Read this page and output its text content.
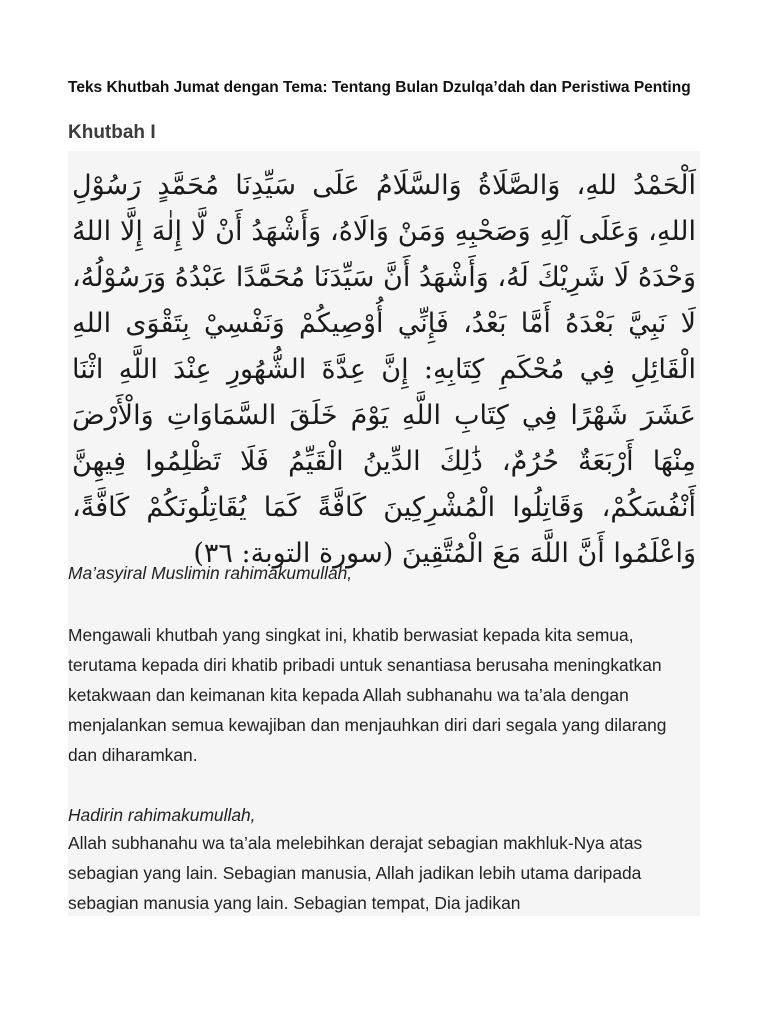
Teks Khutbah Jumat dengan Tema: Tentang Bulan Dzulqa’dah dan Peristiwa Penting
Khutbah I
اَلْحَمْدُ للهِ، وَالصَّلَاةُ وَالسَّلَامُ عَلَى سَيِّدِنَا مُحَمَّدٍ رَسُوْلِ اللهِ، وَعَلَى آلِهِ وَصَحْبِهِ وَمَنْ وَالَاهُ، وَأَشْهَدُ أَنْ لَّا إِلٰهَ إِلَّا اللهُ وَحْدَهُ لَا شَرِيْكَ لَهُ، وَأَشْهَدُ أَنَّ سَيِّدَنَا مُحَمَّدًا عَبْدُهُ وَرَسُوْلُهُ، لَا نَبِيَّ بَعْدَهُ أَمَّا بَعْدُ، فَإِنِّي أُوْصِيكُمْ وَنَفْسِيْ بِتَقْوَى اللهِ الْقَائِلِ فِي مُحْكَمِ كِتَابِهِ: إِنَّ عِدَّةَ الشُّهُورِ عِنْدَ اللَّهِ اثْنَا عَشَرَ شَهْرًا فِي كِتَابِ اللَّهِ يَوْمَ خَلَقَ السَّمَاوَاتِ وَالْأَرْضَ مِنْهَا أَرْبَعَةٌ حُرُمٌ، ذَٰلِكَ الدِّينُ الْقَيِّمُ فَلَا تَظْلِمُوا فِيهِنَّ أَنْفُسَكُمْ، وَقَاتِلُوا الْمُشْرِكِينَ كَافَّةً كَمَا يُقَاتِلُونَكُمْ كَافَّةً، وَاعْلَمُوا أَنَّ اللَّهَ مَعَ الْمُتَّقِينَ (سورة التوبة: ٣٦)

Ma’asyiral Muslimin rahimakumullah,

Mengawali khutbah yang singkat ini, khatib berwasiat kepada kita semua, terutama kepada diri khatib pribadi untuk senantiasa berusaha meningkatkan ketakwaan dan keimanan kita kepada Allah subhanahu wa ta’ala dengan menjalankan semua kewajiban dan menjauhkan diri dari segala yang dilarang dan diharamkan.

Hadirin rahimakumullah,

Allah subhanahu wa ta’ala melebihkan derajat sebagian makhluk-Nya atas sebagian yang lain. Sebagian manusia, Allah jadikan lebih utama daripada sebagian manusia yang lain. Sebagian tempat, Dia jadikan
